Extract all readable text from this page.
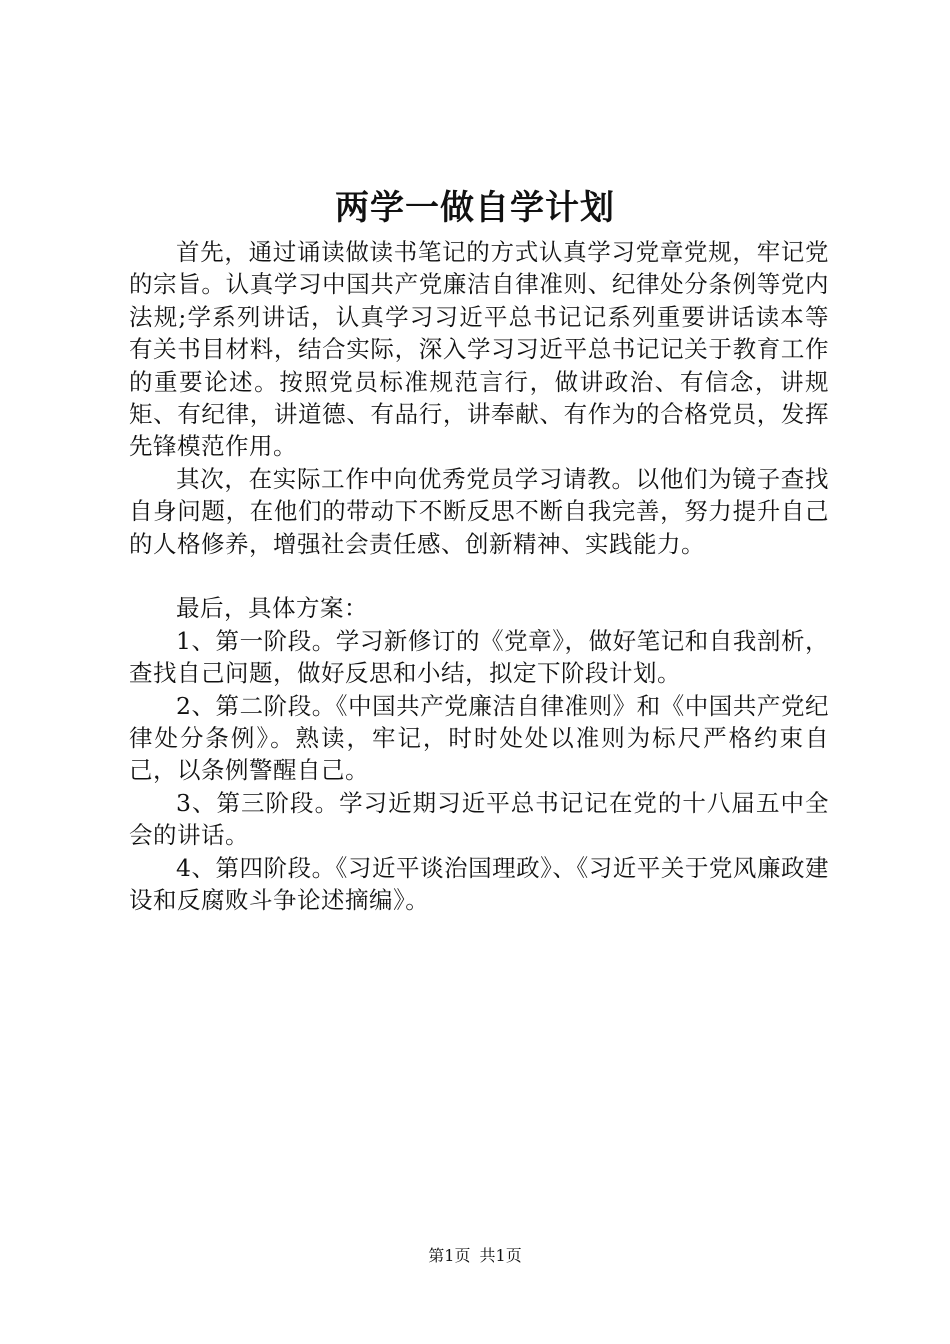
两学一做自学计划

首先，通过诵读做读书笔记的方式认真学习党章党规，牢记党的宗旨。认真学习中国共产党廉洁自律准则、纪律处分条例等党内法规;学系列讲话，认真学习习近平总书记记系列重要讲话读本等有关书目材料，结合实际，深入学习习近平总书记记关于教育工作的重要论述。按照党员标准规范言行，做讲政治、有信念，讲规矩、有纪律，讲道德、有品行，讲奉献、有作为的合格党员，发挥先锋模范作用。

其次，在实际工作中向优秀党员学习请教。以他们为镜子查找自身问题，在他们的带动下不断反思不断自我完善，努力提升自己的人格修养，增强社会责任感、创新精神、实践能力。

最后，具体方案：

1、第一阶段。学习新修订的《党章》，做好笔记和自我剖析，查找自己问题，做好反思和小结，拟定下阶段计划。

2、第二阶段。《中国共产党廉洁自律准则》和《中国共产党纪律处分条例》。熟读，牢记，时时处处以准则为标尺严格约束自己，以条例警醒自己。

3、第三阶段。学习近期习近平总书记记在党的十八届五中全会的讲话。

4、第四阶段。《习近平谈治国理政》、《习近平关于党风廉政建设和反腐败斗争论述摘编》。

第1页 共1页
